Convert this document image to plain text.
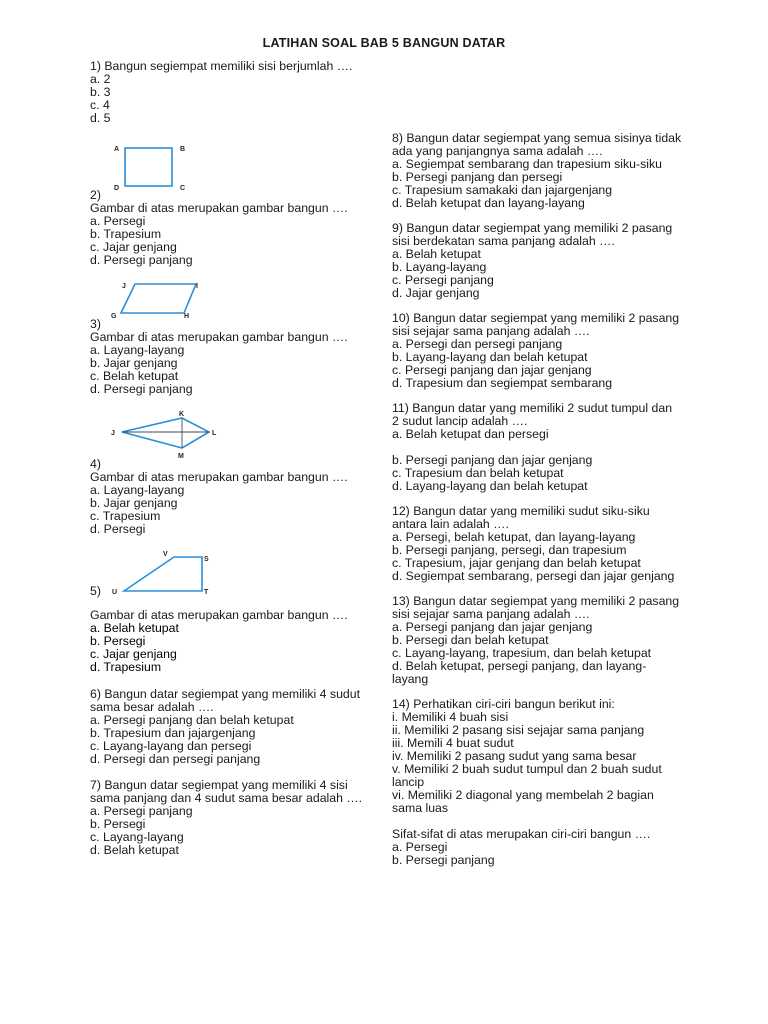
LATIHAN SOAL BAB 5 BANGUN DATAR

1) Bangun segiempat memiliki sisi berjumlah ….

a. 2

b. 3

c. 4

d. 5

A	B
C
D

2)

Gambar di atas merupakan gambar bangun ….

a. Persegi

b. Trapesium

c. Jajar genjang

d. Persegi panjang

J	I
G	H

3)

Gambar di atas merupakan gambar bangun ….

a. Layang-layang

b. Jajar genjang

c. Belah ketupat

d. Persegi panjang

K
J	L
M

4)

Gambar di atas merupakan gambar bangun ….

a. Layang-layang

b. Jajar genjang

c. Trapesium

d. Persegi

V
S
U	T

5)

Gambar di atas merupakan gambar bangun ….

a. Belah ketupat

b. Persegi

c. Jajar genjang

d. Trapesium

6) Bangun datar segiempat yang memiliki 4 sudut sama besar adalah ….

a. Persegi panjang dan belah ketupat

b. Trapesium dan jajargenjang

c. Layang-layang dan persegi

d. Persegi dan persegi panjang

7) Bangun datar segiempat yang memiliki 4 sisi sama panjang dan 4 sudut sama besar adalah ….

a. Persegi panjang

b. Persegi

c. Layang-layang

d. Belah ketupat

8) Bangun datar segiempat yang semua sisinya tidak ada yang panjangnya sama adalah ….

a. Segiempat sembarang dan trapesium siku-siku

b. Persegi panjang dan persegi

c. Trapesium samakaki dan jajargenjang

d. Belah ketupat dan layang-layang

9) Bangun datar segiempat yang memiliki 2 pasang sisi berdekatan sama panjang adalah ….

a. Belah ketupat

b. Layang-layang

c. Persegi panjang

d. Jajar genjang

10) Bangun datar segiempat yang memiliki 2 pasang sisi sejajar sama panjang adalah ….

a. Persegi dan persegi panjang

b. Layang-layang dan belah ketupat

c. Persegi panjang dan jajar genjang

d. Trapesium dan segiempat sembarang

11) Bangun datar yang memiliki 2 sudut tumpul dan 2 sudut lancip adalah ….

a. Belah ketupat dan persegi

b. Persegi panjang dan jajar genjang

c. Trapesium dan belah ketupat

d. Layang-layang dan belah ketupat

12) Bangun datar yang memiliki sudut siku-siku antara lain adalah ….

a. Persegi, belah ketupat, dan layang-layang

b. Persegi panjang, persegi, dan trapesium

c. Trapesium, jajar genjang dan belah ketupat

d. Segiempat sembarang, persegi dan jajar genjang

13) Bangun datar segiempat yang memiliki 2 pasang sisi sejajar sama panjang adalah ….

a. Persegi panjang dan jajar genjang

b. Persegi dan belah ketupat

c. Layang-layang, trapesium, dan belah ketupat

d. Belah ketupat, persegi panjang, dan layang-layang

14) Perhatikan ciri-ciri bangun berikut ini:

i. Memiliki 4 buah sisi

ii. Memiliki 2 pasang sisi sejajar sama panjang

iii. Memili 4 buat sudut

iv. Memiliki 2 pasang sudut yang sama besar

v. Memiliki 2 buah sudut tumpul dan 2 buah sudut lancip

vi. Memiliki 2 diagonal yang membelah 2 bagian sama luas

Sifat-sifat di atas merupakan ciri-ciri bangun ….

a. Persegi

b. Persegi panjang
